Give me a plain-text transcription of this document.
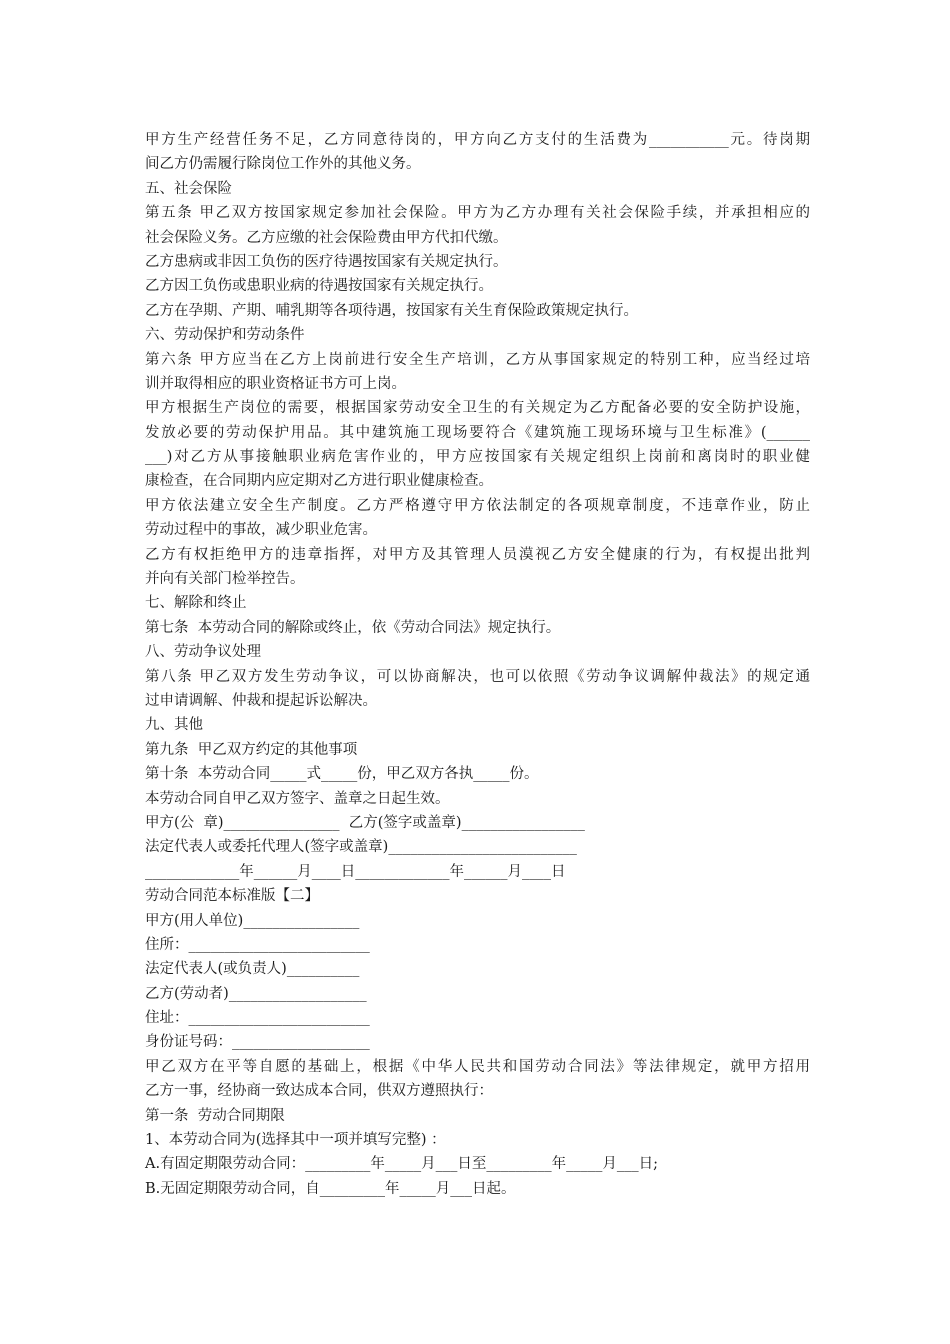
甲方生产经营任务不足，乙方同意待岗的，甲方向乙方支付的生活费为___________元。待岗期
间乙方仍需履行除岗位工作外的其他义务。
五、社会保险
第五条 甲乙双方按国家规定参加社会保险。甲方为乙方办理有关社会保险手续，并承担相应的
社会保险义务。乙方应缴的社会保险费由甲方代扣代缴。
乙方患病或非因工负伤的医疗待遇按国家有关规定执行。
乙方因工负伤或患职业病的待遇按国家有关规定执行。
乙方在孕期、产期、哺乳期等各项待遇，按国家有关生育保险政策规定执行。
六、劳动保护和劳动条件
第六条 甲方应当在乙方上岗前进行安全生产培训，乙方从事国家规定的特别工种，应当经过培
训并取得相应的职业资格证书方可上岗。
甲方根据生产岗位的需要，根据国家劳动安全卫生的有关规定为乙方配备必要的安全防护设施，
发放必要的劳动保护用品。其中建筑施工现场要符合《建筑施工现场环境与卫生标准》(______
___)对乙方从事接触职业病危害作业的，甲方应按国家有关规定组织上岗前和离岗时的职业健
康检查，在合同期内应定期对乙方进行职业健康检查。
甲方依法建立安全生产制度。乙方严格遵守甲方依法制定的各项规章制度，不违章作业，防止
劳动过程中的事故，减少职业危害。
乙方有权拒绝甲方的违章指挥，对甲方及其管理人员漠视乙方安全健康的行为，有权提出批判
并向有关部门检举控告。
七、解除和终止
第七条  本劳动合同的解除或终止，依《劳动合同法》规定执行。
八、劳动争议处理
第八条 甲乙双方发生劳动争议，可以协商解决，也可以依照《劳动争议调解仲裁法》的规定通
过申请调解、仲裁和提起诉讼解决。
九、其他
第九条  甲乙双方约定的其他事项
第十条  本劳动合同_____式_____份，甲乙双方各执_____份。
本劳动合同自甲乙双方签字、盖章之日起生效。
甲方(公  章)________________  乙方(签字或盖章)_________________
法定代表人或委托代理人(签字或盖章)__________________________
_____________年______月____日_____________年______月____日
劳动合同范本标准版【二】
甲方(用人单位)________________
住所：_________________________
法定代表人(或负责人)__________
乙方(劳动者)___________________
住址：_________________________
身份证号码：___________________
甲乙双方在平等自愿的基础上，根据《中华人民共和国劳动合同法》等法律规定，就甲方招用
乙方一事，经协商一致达成本合同，供双方遵照执行：
第一条  劳动合同期限
1、本劳动合同为(选择其中一项并填写完整) ：
A.有固定期限劳动合同：_________年_____月___日至_________年_____月___日;
B.无固定期限劳动合同，自_________年_____月___日起。
